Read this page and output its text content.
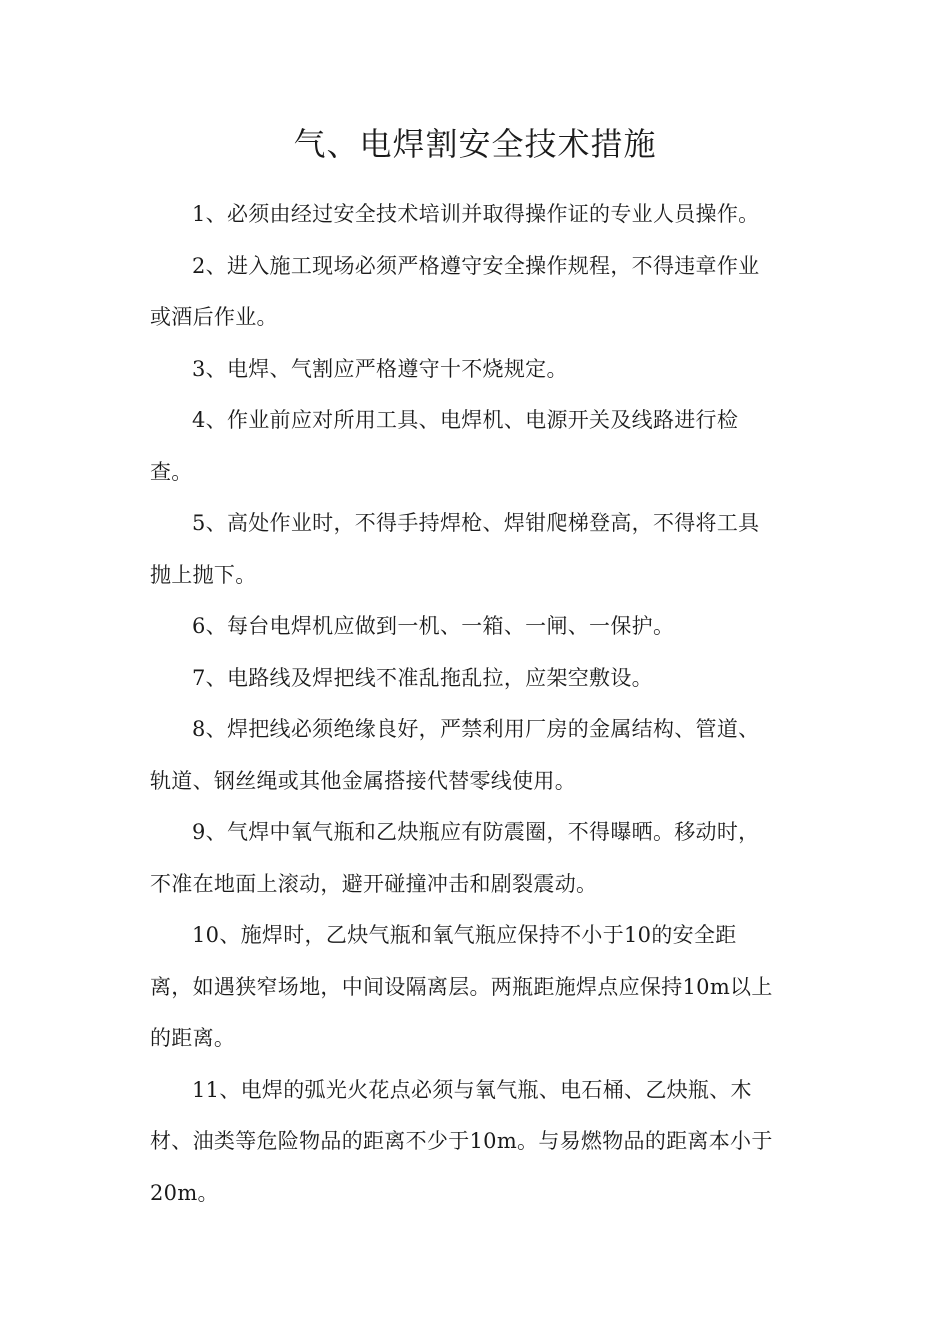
气、电焊割安全技术措施

1、必须由经过安全技术培训并取得操作证的专业人员操作。

2、进入施工现场必须严格遵守安全操作规程，不得违章作业
或酒后作业。

3、电焊、气割应严格遵守十不烧规定。

4、作业前应对所用工具、电焊机、电源开关及线路进行检
查。

5、高处作业时，不得手持焊枪、焊钳爬梯登高，不得将工具
抛上抛下。

6、每台电焊机应做到一机、一箱、一闸、一保护。

7、电路线及焊把线不准乱拖乱拉，应架空敷设。

8、焊把线必须绝缘良好，严禁利用厂房的金属结构、管道、
轨道、钢丝绳或其他金属搭接代替零线使用。

9、气焊中氧气瓶和乙炔瓶应有防震圈，不得曝晒。移动时，
不准在地面上滚动，避开碰撞冲击和剧裂震动。

10、施焊时，乙炔气瓶和氧气瓶应保持不小于10的安全距
离，如遇狭窄场地，中间设隔离层。两瓶距施焊点应保持10m以上
的距离。

11、电焊的弧光火花点必须与氧气瓶、电石桶、乙炔瓶、木
材、油类等危险物品的距离不少于10m。与易燃物品的距离本小于
20m。
